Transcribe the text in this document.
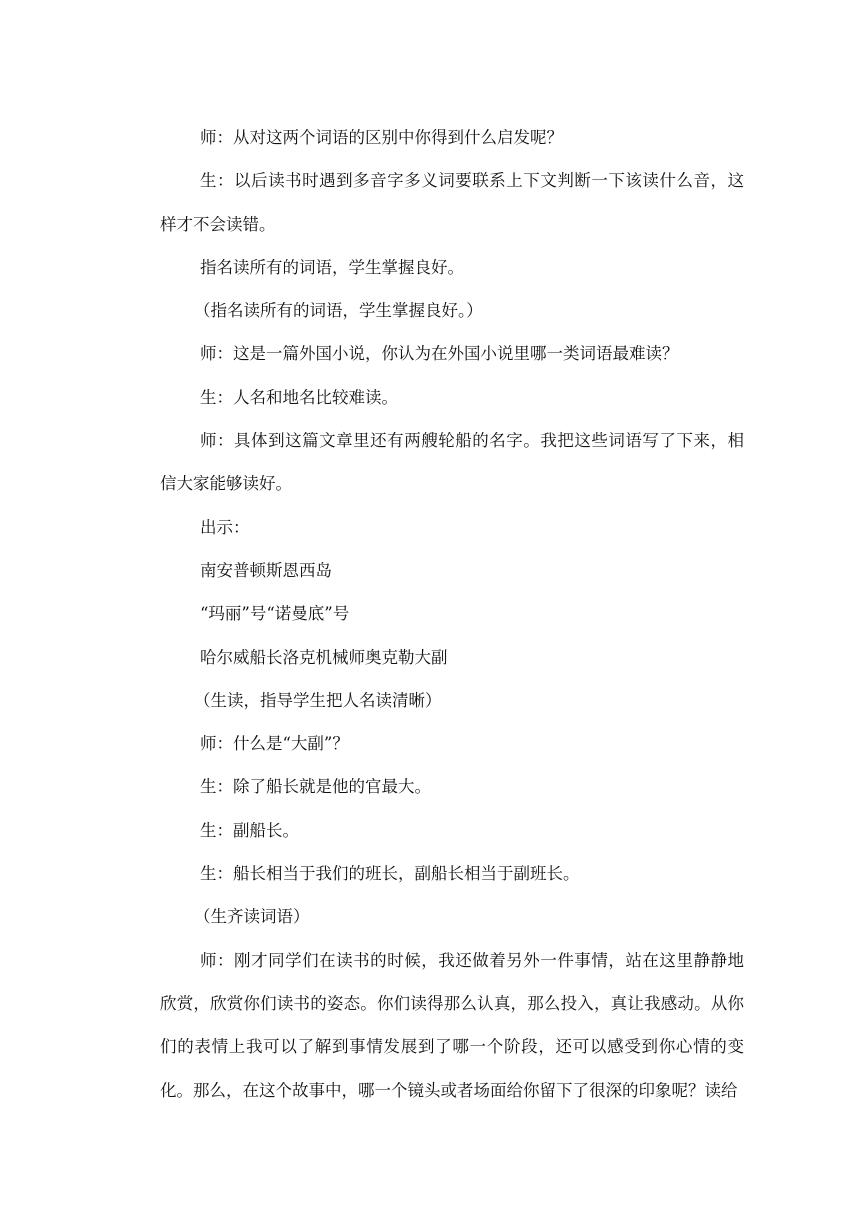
师：从对这两个词语的区别中你得到什么启发呢？

生：以后读书时遇到多音字多义词要联系上下文判断一下该读什么音，这样才不会读错。

指名读所有的词语，学生掌握良好。

（指名读所有的词语，学生掌握良好。）

师：这是一篇外国小说，你认为在外国小说里哪一类词语最难读？

生：人名和地名比较难读。

师：具体到这篇文章里还有两艘轮船的名字。我把这些词语写了下来，相信大家能够读好。

出示：

南安普顿斯恩西岛

“玛丽”号“诺曼底”号

哈尔威船长洛克机械师奥克勒大副

（生读，指导学生把人名读清晰）

师：什么是“大副”？

生：除了船长就是他的官最大。

生：副船长。

生：船长相当于我们的班长，副船长相当于副班长。

（生齐读词语）

师：刚才同学们在读书的时候，我还做着另外一件事情，站在这里静静地欣赏，欣赏你们读书的姿态。你们读得那么认真，那么投入，真让我感动。从你们的表情上我可以了解到事情发展到了哪一个阶段，还可以感受到你心情的变化。那么，在这个故事中，哪一个镜头或者场面给你留下了很深的印象呢？读给
